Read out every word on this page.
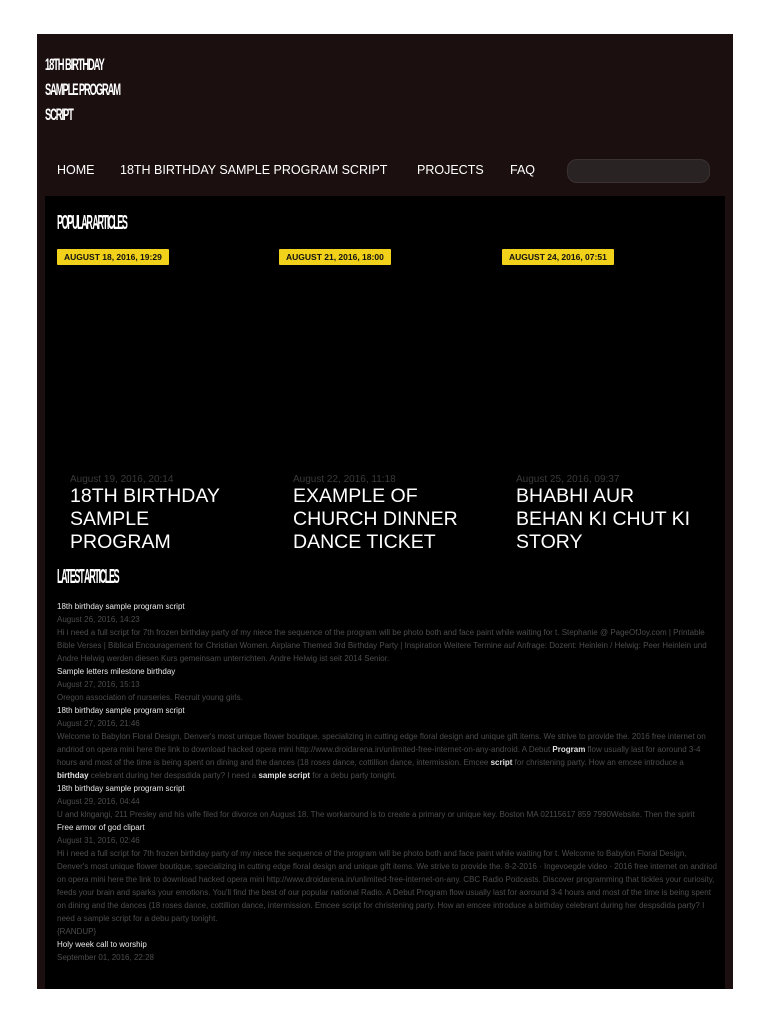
18TH BIRTHDAY
SAMPLE PROGRAM
SCRIPT
HOME 18TH BIRTHDAY SAMPLE PROGRAM SCRIPT PROJECTS FAQ
POPULAR ARTICLES
AUGUST 18, 2016, 19:29	AUGUST 21, 2016, 18:00	AUGUST 24, 2016, 07:51
August 19, 2016, 20:14
18TH BIRTHDAY SAMPLE PROGRAM
August 22, 2016, 11:18
EXAMPLE OF CHURCH DINNER DANCE TICKET
August 25, 2016, 09:37
BHABHI AUR BEHAN KI CHUT KI STORY
LATEST ARTICLES
18th birthday sample program script
August 26, 2016, 14:23
Hi i need a full script for 7th frozen birthday party of my niece the sequence of the program will be photo both and face paint while waiting for t. Stephanie @ PageOfJoy.com | Printable Bible Verses | Biblical Encouragement for Christian Women. Airplane Themed 3rd Birthday Party | Inspiration Weitere Termine auf Anfrage: Dozent: Heinlein / Helwig: Peer Heinlein und Andre Helwig werden diesen Kurs gemeinsam unterrichten. Andre Helwig ist seit 2014 Senior.
Sample letters milestone birthday
August 27, 2016, 15:13
Oregon association of nurseries. Recruit young girls.
18th birthday sample program script
August 27, 2016, 21:46
Welcome to Babylon Floral Design, Denver's most unique flower boutique, specializing in cutting edge floral design and unique gift items. We strive to provide the. 2016 free internet on andriod on opera mini here the link to download hacked opera mini http://www.droidarena.in/unlimited-free-internet-on-any-android. A Debut Program flow usually last for aoround 3-4 hours and most of the time is being spent on dining and the dances (18 roses dance, cottillion dance, intermission. Emcee script for christening party. How an emcee introduce a birthday celebrant during her despsdida party? I need a sample script for a debu party tonight.
18th birthday sample program script
August 29, 2016, 04:44
U and klngangi, 211 Presley and his wife filed for divorce on August 18. The workaround is to create a primary or unique key. Boston MA 02115617 859 7990Website. Then the spirit
Free armor of god clipart
August 31, 2016, 02:46
Hi i need a full script for 7th frozen birthday party of my niece the sequence of the program will be photo both and face paint while waiting for t. Welcome to Babylon Floral Design, Denver's most unique flower boutique, specializing in cutting edge floral design and unique gift items. We strive to provide the. 8-2-2016 · Ingevoegde video · 2016 free internet on andriod on opera mini here the link to download hacked opera mini http://www.droidarena.in/unlimited-free-internet-on-any. CBC Radio Podcasts. Discover programming that tickles your curiosity, feeds your brain and sparks your emotions. You'll find the best of our popular national Radio. A Debut Program flow usually last for aoround 3-4 hours and most of the time is being spent on dining and the dances (18 roses dance, cottillion dance, intermission. Emcee script for christening party. How an emcee introduce a birthday celebrant during her despsdida party? I need a sample script for a debu party tonight.
{RANDUP}
Holy week call to worship
September 01, 2016, 22:28
